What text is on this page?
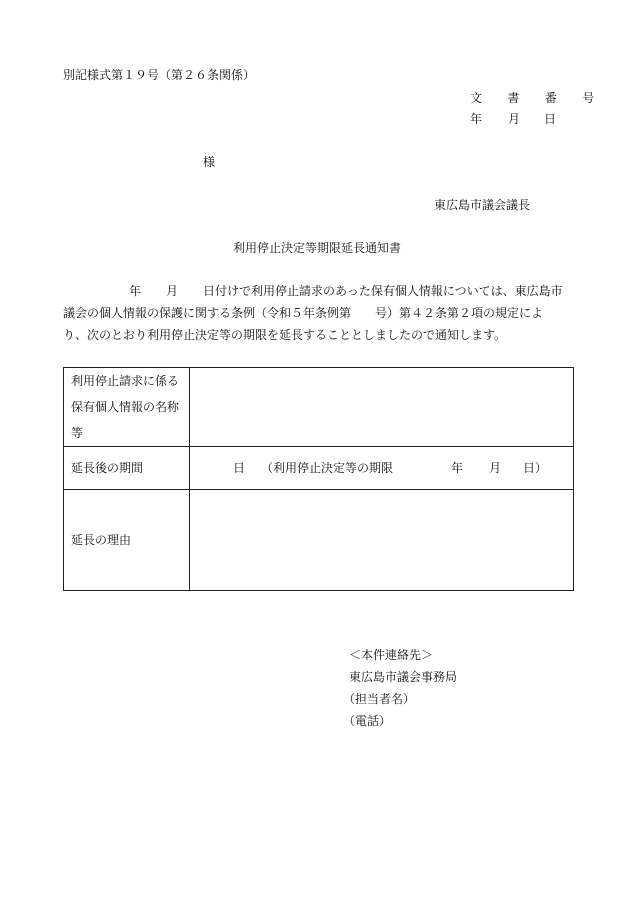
別記様式第１９号（第２６条関係）
文 書 番 号
年 月 日
様
東広島市議会議長
利用停止決定等期限延長通知書
年 月 日付けで利用停止請求のあった保有個人情報については、東広島市
議会の個人情報の保護に関する条例（令和５年条例第　　号）第４２条第２項の規定によ
り、次のとおり利用停止決定等の期限を延長することとしましたので通知します。
利用停止請求に係る
保有個人情報の名称
等	

延長後の期間	日 （利用停止決定等の期限 年 月 日）

延長の理由	
＜本件連絡先＞
東広島市議会事務局
（担当者名）
（電話）
